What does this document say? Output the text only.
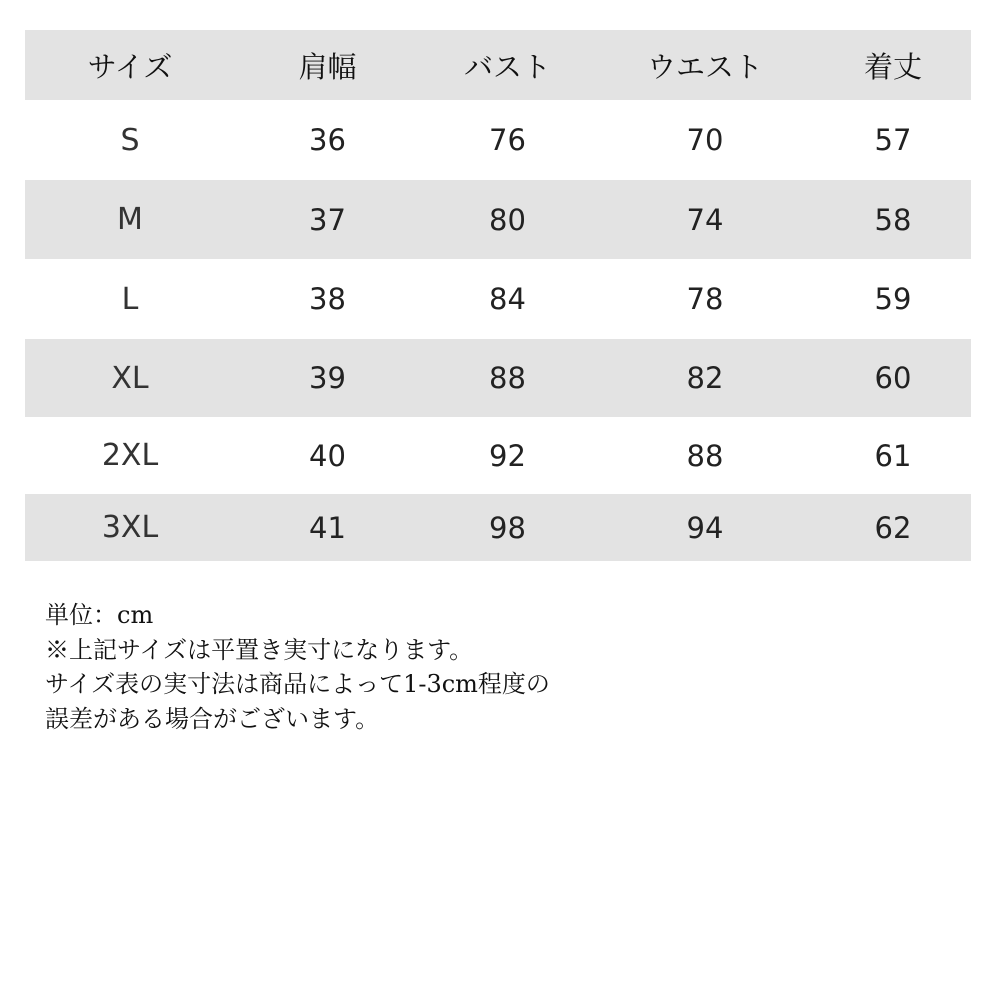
サイズ	肩幅	バスト	ウエスト	着丈
S	36	76	70	57
M	37	80	74	58
L	38	84	78	59
XL	39	88	82	60
2XL	40	92	88	61
3XL	41	98	94	62
単位：cm
※上記サイズは平置き実寸になります。
サイズ表の実寸法は商品によって1-3cm程度の
誤差がある場合がございます。
